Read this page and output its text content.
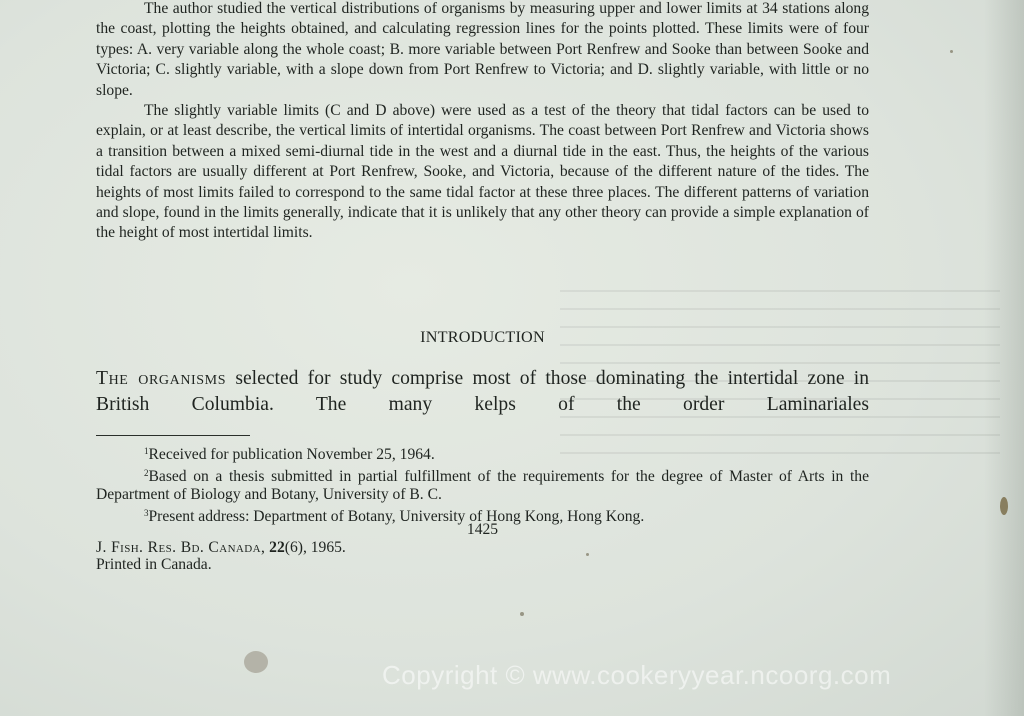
The author studied the vertical distributions of organisms by measuring upper and lower limits at 34 stations along the coast, plotting the heights obtained, and calculating regression lines for the points plotted. These limits were of four types: A. very variable along the whole coast; B. more variable between Port Renfrew and Sooke than between Sooke and Victoria; C. slightly variable, with a slope down from Port Renfrew to Victoria; and D. slightly variable, with little or no slope.

The slightly variable limits (C and D above) were used as a test of the theory that tidal factors can be used to explain, or at least describe, the vertical limits of intertidal organisms. The coast between Port Renfrew and Victoria shows a transition between a mixed semi-diurnal tide in the west and a diurnal tide in the east. Thus, the heights of the various tidal factors are usually different at Port Renfrew, Sooke, and Victoria, because of the different nature of the tides. The heights of most limits failed to correspond to the same tidal factor at these three places. The different patterns of variation and slope, found in the limits generally, indicate that it is unlikely that any other theory can provide a simple explanation of the height of most intertidal limits.

INTRODUCTION
The organisms selected for study comprise most of those dominating the intertidal zone in British Columbia. The many kelps of the order Laminariales

$^1$Received for publication November 25, 1964.

$^2$Based on a thesis submitted in partial fulfillment of the requirements for the degree of Master of Arts in the Department of Biology and Botany, University of B. C.

$^3$Present address: Department of Botany, University of Hong Kong, Hong Kong.

1425
J. Fish. Res. Bd. Canada, 22(6), 1965.
Printed in Canada.
Copyright © www.cookeryyear.ncoorg.com
